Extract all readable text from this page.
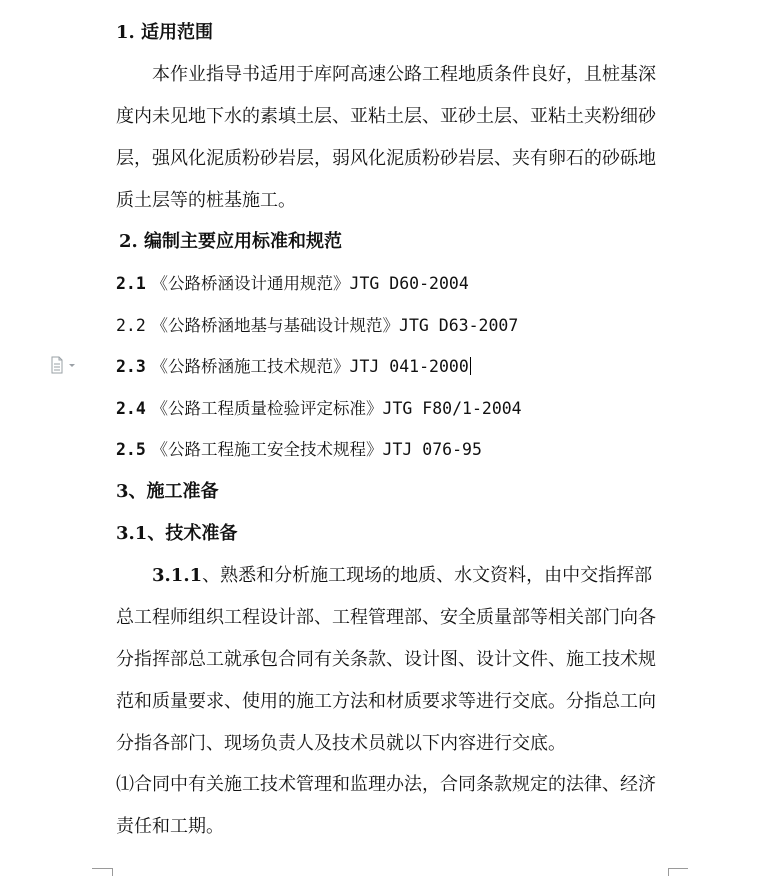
1. 适用范围
本作业指导书适用于库阿高速公路工程地质条件良好，且桩基深
度内未见地下水的素填土层、亚粘土层、亚砂土层、亚粘土夹粉细砂
层，强风化泥质粉砂岩层，弱风化泥质粉砂岩层、夹有卵石的砂砾地
质土层等的桩基施工。
2. 编制主要应用标准和规范
2.1 《公路桥涵设计通用规范》JTG D60-2004
2.2 《公路桥涵地基与基础设计规范》JTG D63-2007
2.3 《公路桥涵施工技术规范》JTJ 041-2000
2.4 《公路工程质量检验评定标准》JTG F80/1-2004
2.5 《公路工程施工安全技术规程》JTJ 076-95
3、施工准备
3.1、技术准备
3.1.1、熟悉和分析施工现场的地质、水文资料，由中交指挥部
总工程师组织工程设计部、工程管理部、安全质量部等相关部门向各
分指挥部总工就承包合同有关条款、设计图、设计文件、施工技术规
范和质量要求、使用的施工方法和材质要求等进行交底。分指总工向
分指各部门、现场负责人及技术员就以下内容进行交底。
⑴合同中有关施工技术管理和监理办法，合同条款规定的法律、经济
责任和工期。
